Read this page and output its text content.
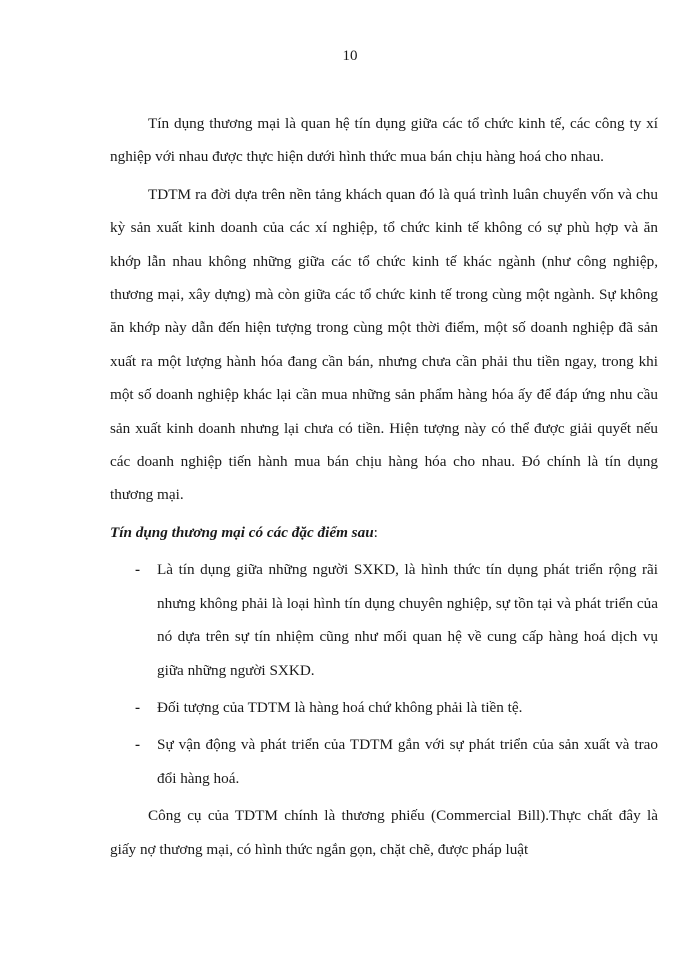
10

Tín dụng thương mại là quan hệ tín dụng giữa các tổ chức kinh tế, các công ty xí nghiệp với nhau được thực hiện dưới hình thức mua bán chịu hàng hoá cho nhau.

TDTM ra đời dựa trên nền tảng khách quan đó là quá trình luân chuyển vốn và chu kỳ sản xuất kinh doanh của các xí nghiệp, tổ chức kinh tế không có sự phù hợp và ăn khớp lẫn nhau không những giữa các tổ chức kinh tế khác ngành (như công nghiệp, thương mại, xây dựng) mà còn giữa các tổ chức kinh tế trong cùng một ngành. Sự không ăn khớp này dẫn đến hiện tượng trong cùng một thời điểm, một số doanh nghiệp đã sản xuất ra một lượng hành hóa đang cần bán, nhưng chưa cần phải thu tiền ngay, trong khi một số doanh nghiệp khác lại cần mua những sản phẩm hàng hóa ấy để đáp ứng nhu cầu sản xuất kinh doanh nhưng lại chưa có tiền. Hiện tượng này có thể được giải quyết nếu các doanh nghiệp tiến hành mua bán chịu hàng hóa cho nhau. Đó chính là tín dụng thương mại.

Tín dụng thương mại có các đặc điểm sau:

- Là tín dụng giữa những người SXKD, là hình thức tín dụng phát triển rộng rãi nhưng không phải là loại hình tín dụng chuyên nghiệp, sự tồn tại và phát triển của nó dựa trên sự tín nhiệm cũng như mối quan hệ về cung cấp hàng hoá dịch vụ giữa những người SXKD.
- Đối tượng của TDTM là hàng hoá chứ không phải là tiền tệ.
- Sự vận động và phát triển của TDTM gắn với sự phát triển của sản xuất và trao đổi hàng hoá.

Công cụ của TDTM chính là thương phiếu (Commercial Bill).Thực chất đây là giấy nợ thương mại, có hình thức ngắn gọn, chặt chẽ, được pháp luật
